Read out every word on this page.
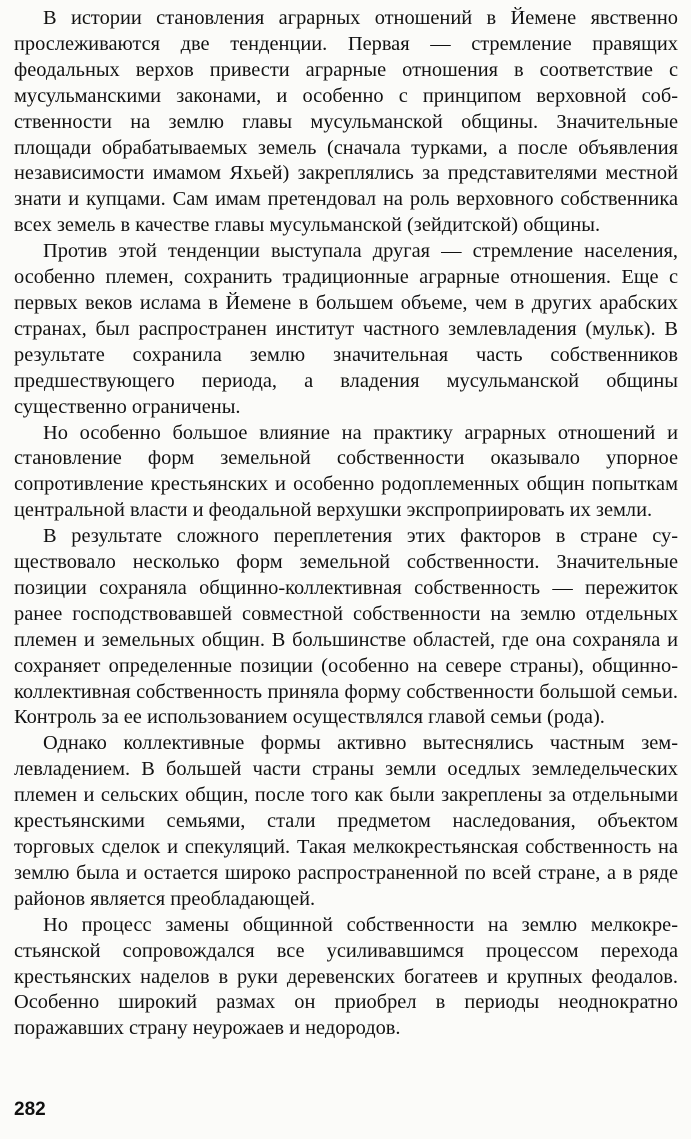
В истории становления аграрных отношений в Йемене явственно прослеживаются две тенденции. Первая — стремление правящих феодальных верхов привести аграрные отношения в соответствие с мусульманскими законами, и особенно с принципом верховной собственности на землю главы мусульманской общины. Значительные площади обрабатываемых земель (сначала турками, а после объявления независимости имамом Яхьей) закреплялись за представителями местной знати и купцами. Сам имам претендовал на роль верховного собственника всех земель в качестве главы мусульманской (зейдитской) общины.

Против этой тенденции выступала другая — стремление населения, особенно племен, сохранить традиционные аграрные отношения. Еще с первых веков ислама в Йемене в большем объеме, чем в других арабских странах, был распространен институт частного землевладения (мульк). В результате сохранила землю значительная часть собственников предшествующего периода, а владения мусульманской общины существенно ограничены.

Но особенно большое влияние на практику аграрных отношений и становление форм земельной собственности оказывало упорное сопротивление крестьянских и особенно родоплеменных общин попыткам центральной власти и феодальной верхушки экспроприировать их земли.

В результате сложного переплетения этих факторов в стране существовало несколько форм земельной собственности. Значительные позиции сохраняла общинно-коллективная собственность — пережиток ранее господствовавшей совместной собственности на землю отдельных племен и земельных общин. В большинстве областей, где она сохраняла и сохраняет определенные позиции (особенно на севере страны), общинно-коллективная собственность приняла форму собственности большой семьи. Контроль за ее использованием осуществлялся главой семьи (рода).

Однако коллективные формы активно вытеснялись частным землевладением. В большей части страны земли оседлых земледельческих племен и сельских общин, после того как были закреплены за отдельными крестьянскими семьями, стали предметом наследования, объектом торговых сделок и спекуляций. Такая мелкокрестьянская собственность на землю была и остается широко распространенной по всей стране, а в ряде районов является преобладающей.

Но процесс замены общинной собственности на землю мелкокрестьянской сопровождался все усиливавшимся процессом перехода крестьянских наделов в руки деревенских богатеев и крупных феодалов. Особенно широкий размах он приобрел в периоды неоднократно поражавших страну неурожаев и недородов.

282
